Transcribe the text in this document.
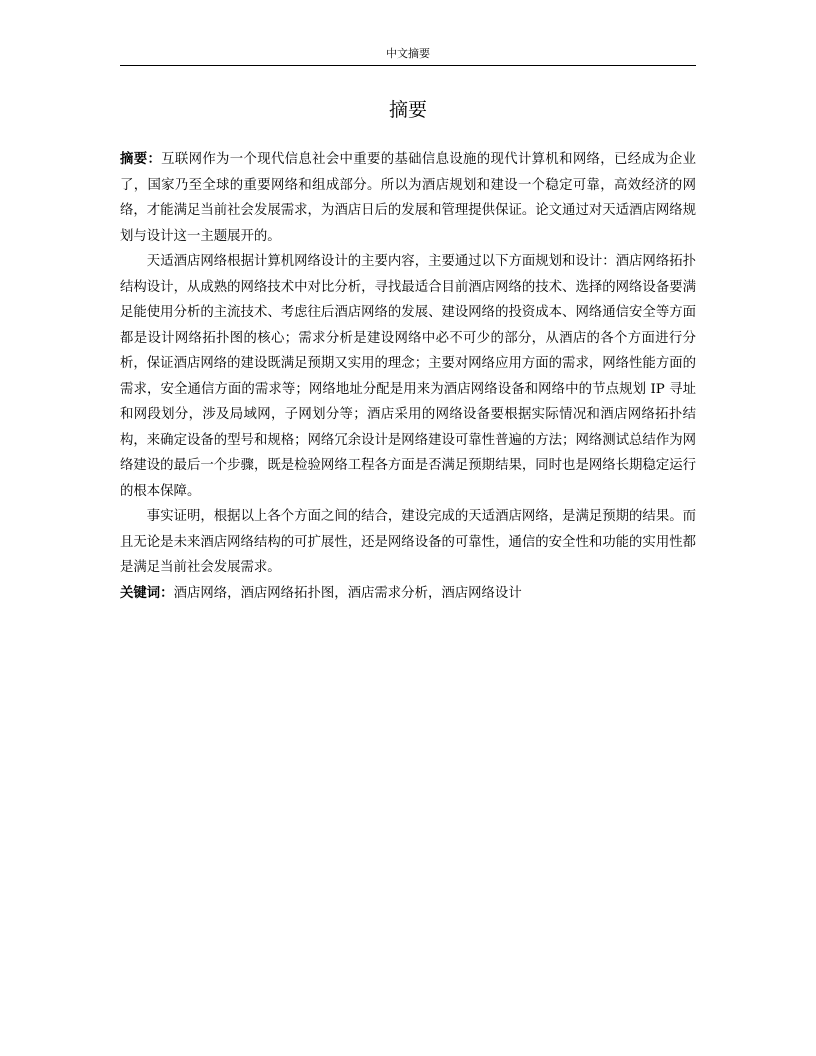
中文摘要
摘要

摘要：互联网作为一个现代信息社会中重要的基础信息设施的现代计算机和网络，已经成为企业了，国家乃至全球的重要网络和组成部分。所以为酒店规划和建设一个稳定可靠，高效经济的网络，才能满足当前社会发展需求，为酒店日后的发展和管理提供保证。论文通过对天适酒店网络规划与设计这一主题展开的。

天适酒店网络根据计算机网络设计的主要内容，主要通过以下方面规划和设计：酒店网络拓扑结构设计，从成熟的网络技术中对比分析，寻找最适合目前酒店网络的技术、选择的网络设备要满足能使用分析的主流技术、考虑往后酒店网络的发展、建设网络的投资成本、网络通信安全等方面都是设计网络拓扑图的核心；需求分析是建设网络中必不可少的部分，从酒店的各个方面进行分析，保证酒店网络的建设既满足预期又实用的理念；主要对网络应用方面的需求，网络性能方面的需求，安全通信方面的需求等；网络地址分配是用来为酒店网络设备和网络中的节点规划 IP 寻址和网段划分，涉及局域网，子网划分等；酒店采用的网络设备要根据实际情况和酒店网络拓扑结构，来确定设备的型号和规格；网络冗余设计是网络建设可靠性普遍的方法；网络测试总结作为网络建设的最后一个步骤，既是检验网络工程各方面是否满足预期结果，同时也是网络长期稳定运行的根本保障。

事实证明，根据以上各个方面之间的结合，建设完成的天适酒店网络，是满足预期的结果。而且无论是未来酒店网络结构的可扩展性，还是网络设备的可靠性，通信的安全性和功能的实用性都是满足当前社会发展需求。

关键词：酒店网络，酒店网络拓扑图，酒店需求分析，酒店网络设计
